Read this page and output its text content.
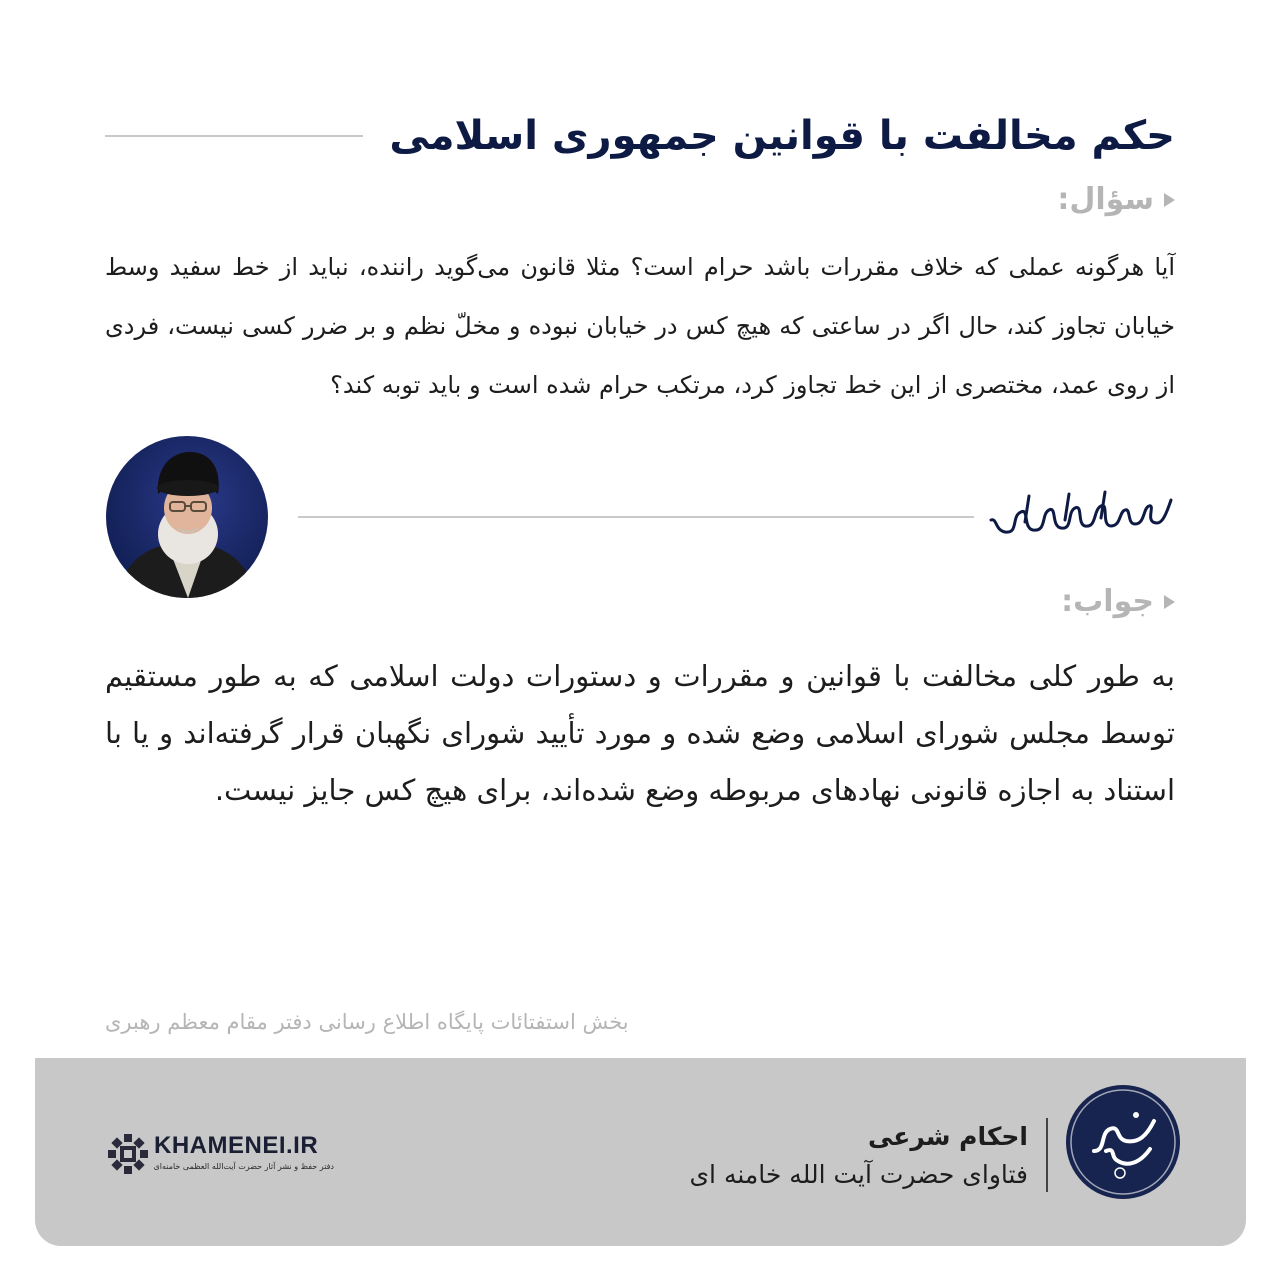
حکم مخالفت با قوانین جمهوری اسلامی
سؤال:

آیا هرگونه عملی که خلاف مقررات باشد حرام است؟ مثلا قانون می‌گوید راننده، نباید از خط سفید وسط خیابان تجاوز کند، حال اگر در ساعتی که هیچ کس در خیابان نبوده و مخلّ نظم و بر ضرر کسی نیست، فردی از روی عمد، مختصری از این خط تجاوز کرد، مرتکب حرام شده است و باید توبه کند؟

جواب:

به طور کلی مخالفت با قوانین و مقررات و دستورات دولت اسلامی که به طور مستقیم توسط مجلس شورای اسلامی وضع شده و مورد تأیید شورای نگهبان قرار گرفته‌اند و یا با استناد به اجازه قانونی نهادهای مربوطه وضع شده‌اند، برای هیچ کس جایز نیست.

بخش استفتائات پایگاه اطلاع رسانی دفتر مقام معظم رهبری
احکام شرعی
فتاوای حضرت آیت الله خامنه ای
KHAMENEI.IR
دفتر حفظ و نشر آثار حضرت آیت‌الله العظمی خامنه‌ای
